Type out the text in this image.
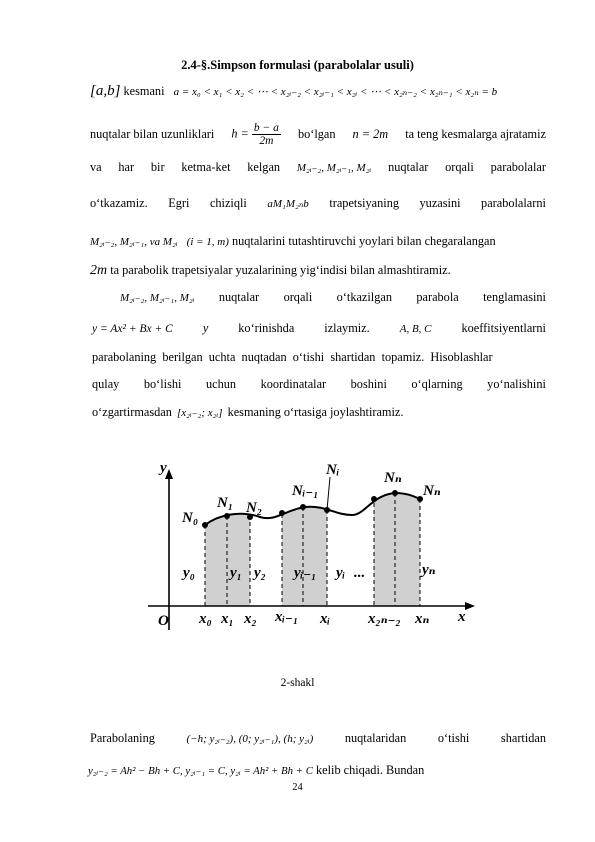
2.4-§.Simpson formulasi (parabolalar usuli)
[a,b] kesmani a = x₀ < x₁ < x₂ < ⋯ < x₂ᵢ₋₂ < x₂ᵢ₋₁ < x₂ᵢ < ⋯ < x₂ₙ₋₂ < x₂ₙ₋₁ < x₂ₙ = b
nuqtalar bilan uzunliklari $h = \frac{b - a}{2m}$ bo‘lgan n = 2m ta teng kesmalarga ajratamiz
va har bir ketma-ket kelgan M₂ᵢ₋₂, M₂ᵢ₋₁, M₂ᵢ nuqtalar orqali parabolalar
o‘tkazamiz. Egri chiziqli aM₁M₂ₙb trapetsiyaning yuzasini parabolalarni
M₂ᵢ₋₂, M₂ᵢ₋₁, va M₂ᵢ (i = 1, m) nuqtalarini tutashtiruvchi yoylari bilan chegaralangan
2m ta parabolik trapetsiyalar yuzalarining yig‘indisi bilan almashtiramiz.
M₂ᵢ₋₂, M₂ᵢ₋₁, M₂ᵢ nuqtalar orqali o‘tkazilgan parabola tenglamasini
y = Ax² + Bx + C y ko‘rinishda izlaymiz.	A, B, C koeffitsiyentlarni
parabolaning  berilgan  uchta  nuqtadan  o‘tishi  shartidan  topamiz.  Hisoblashlar
qulay bo‘lishi uchun koordinatalar boshini o‘qlarning yo‘nalishini
o‘zgartirmasdan [x₂ᵢ₋₂; x₂ᵢ] kesmaning o‘rtasiga joylashtiramiz.
y
x
O
N₀
N₁ N₂
Nᵢ₋₁
Nᵢ	Nₙ
Nₙ
y₀ y₁ y₂ yᵢ₋₁ yᵢ ...	yₙ
x₀ x₁ x₂ xᵢ₋₁ xᵢ	x₂ₙ₋₂ xₙ
2-shakl
Parabolaning	(−h; y₂ᵢ₋₂), (0; y₂ᵢ₋₁), (h; y₂ᵢ)	nuqtalaridan	o‘tishi	shartidan
y₂ᵢ₋₂ = Ah² − Bh + C, y₂ᵢ₋₁ = C, y₂ᵢ = Ah² + Bh + C kelib chiqadi. Bundan
24
